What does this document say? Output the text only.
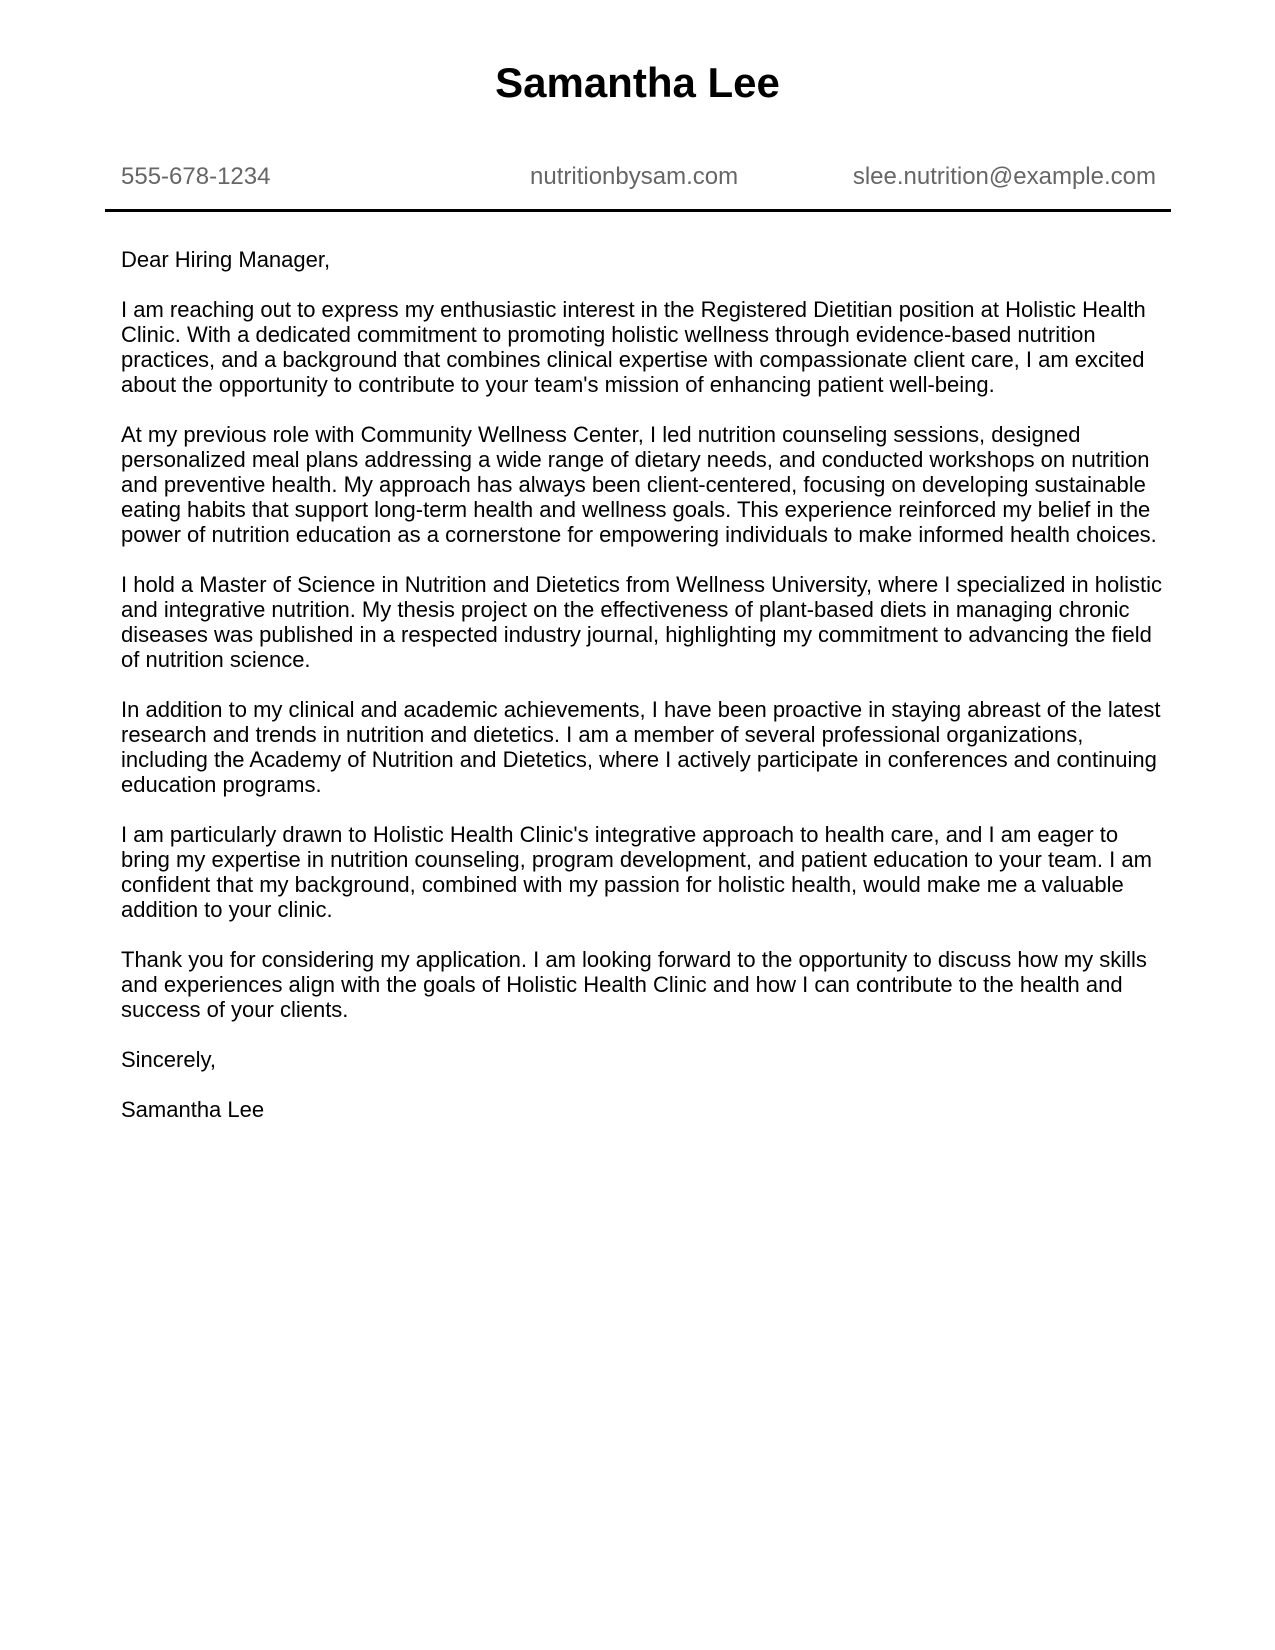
Samantha Lee
555-678-1234	nutritionbysam.com	slee.nutrition@example.com

Dear Hiring Manager,

I am reaching out to express my enthusiastic interest in the Registered Dietitian position at Holistic Health Clinic. With a dedicated commitment to promoting holistic wellness through evidence-based nutrition practices, and a background that combines clinical expertise with compassionate client care, I am excited about the opportunity to contribute to your team's mission of enhancing patient well-being.

At my previous role with Community Wellness Center, I led nutrition counseling sessions, designed personalized meal plans addressing a wide range of dietary needs, and conducted workshops on nutrition and preventive health. My approach has always been client-centered, focusing on developing sustainable eating habits that support long-term health and wellness goals. This experience reinforced my belief in the power of nutrition education as a cornerstone for empowering individuals to make informed health choices.

I hold a Master of Science in Nutrition and Dietetics from Wellness University, where I specialized in holistic and integrative nutrition. My thesis project on the effectiveness of plant-based diets in managing chronic diseases was published in a respected industry journal, highlighting my commitment to advancing the field of nutrition science.

In addition to my clinical and academic achievements, I have been proactive in staying abreast of the latest research and trends in nutrition and dietetics. I am a member of several professional organizations, including the Academy of Nutrition and Dietetics, where I actively participate in conferences and continuing education programs.

I am particularly drawn to Holistic Health Clinic's integrative approach to health care, and I am eager to bring my expertise in nutrition counseling, program development, and patient education to your team. I am confident that my background, combined with my passion for holistic health, would make me a valuable addition to your clinic.

Thank you for considering my application. I am looking forward to the opportunity to discuss how my skills and experiences align with the goals of Holistic Health Clinic and how I can contribute to the health and success of your clients.

Sincerely,

Samantha Lee
